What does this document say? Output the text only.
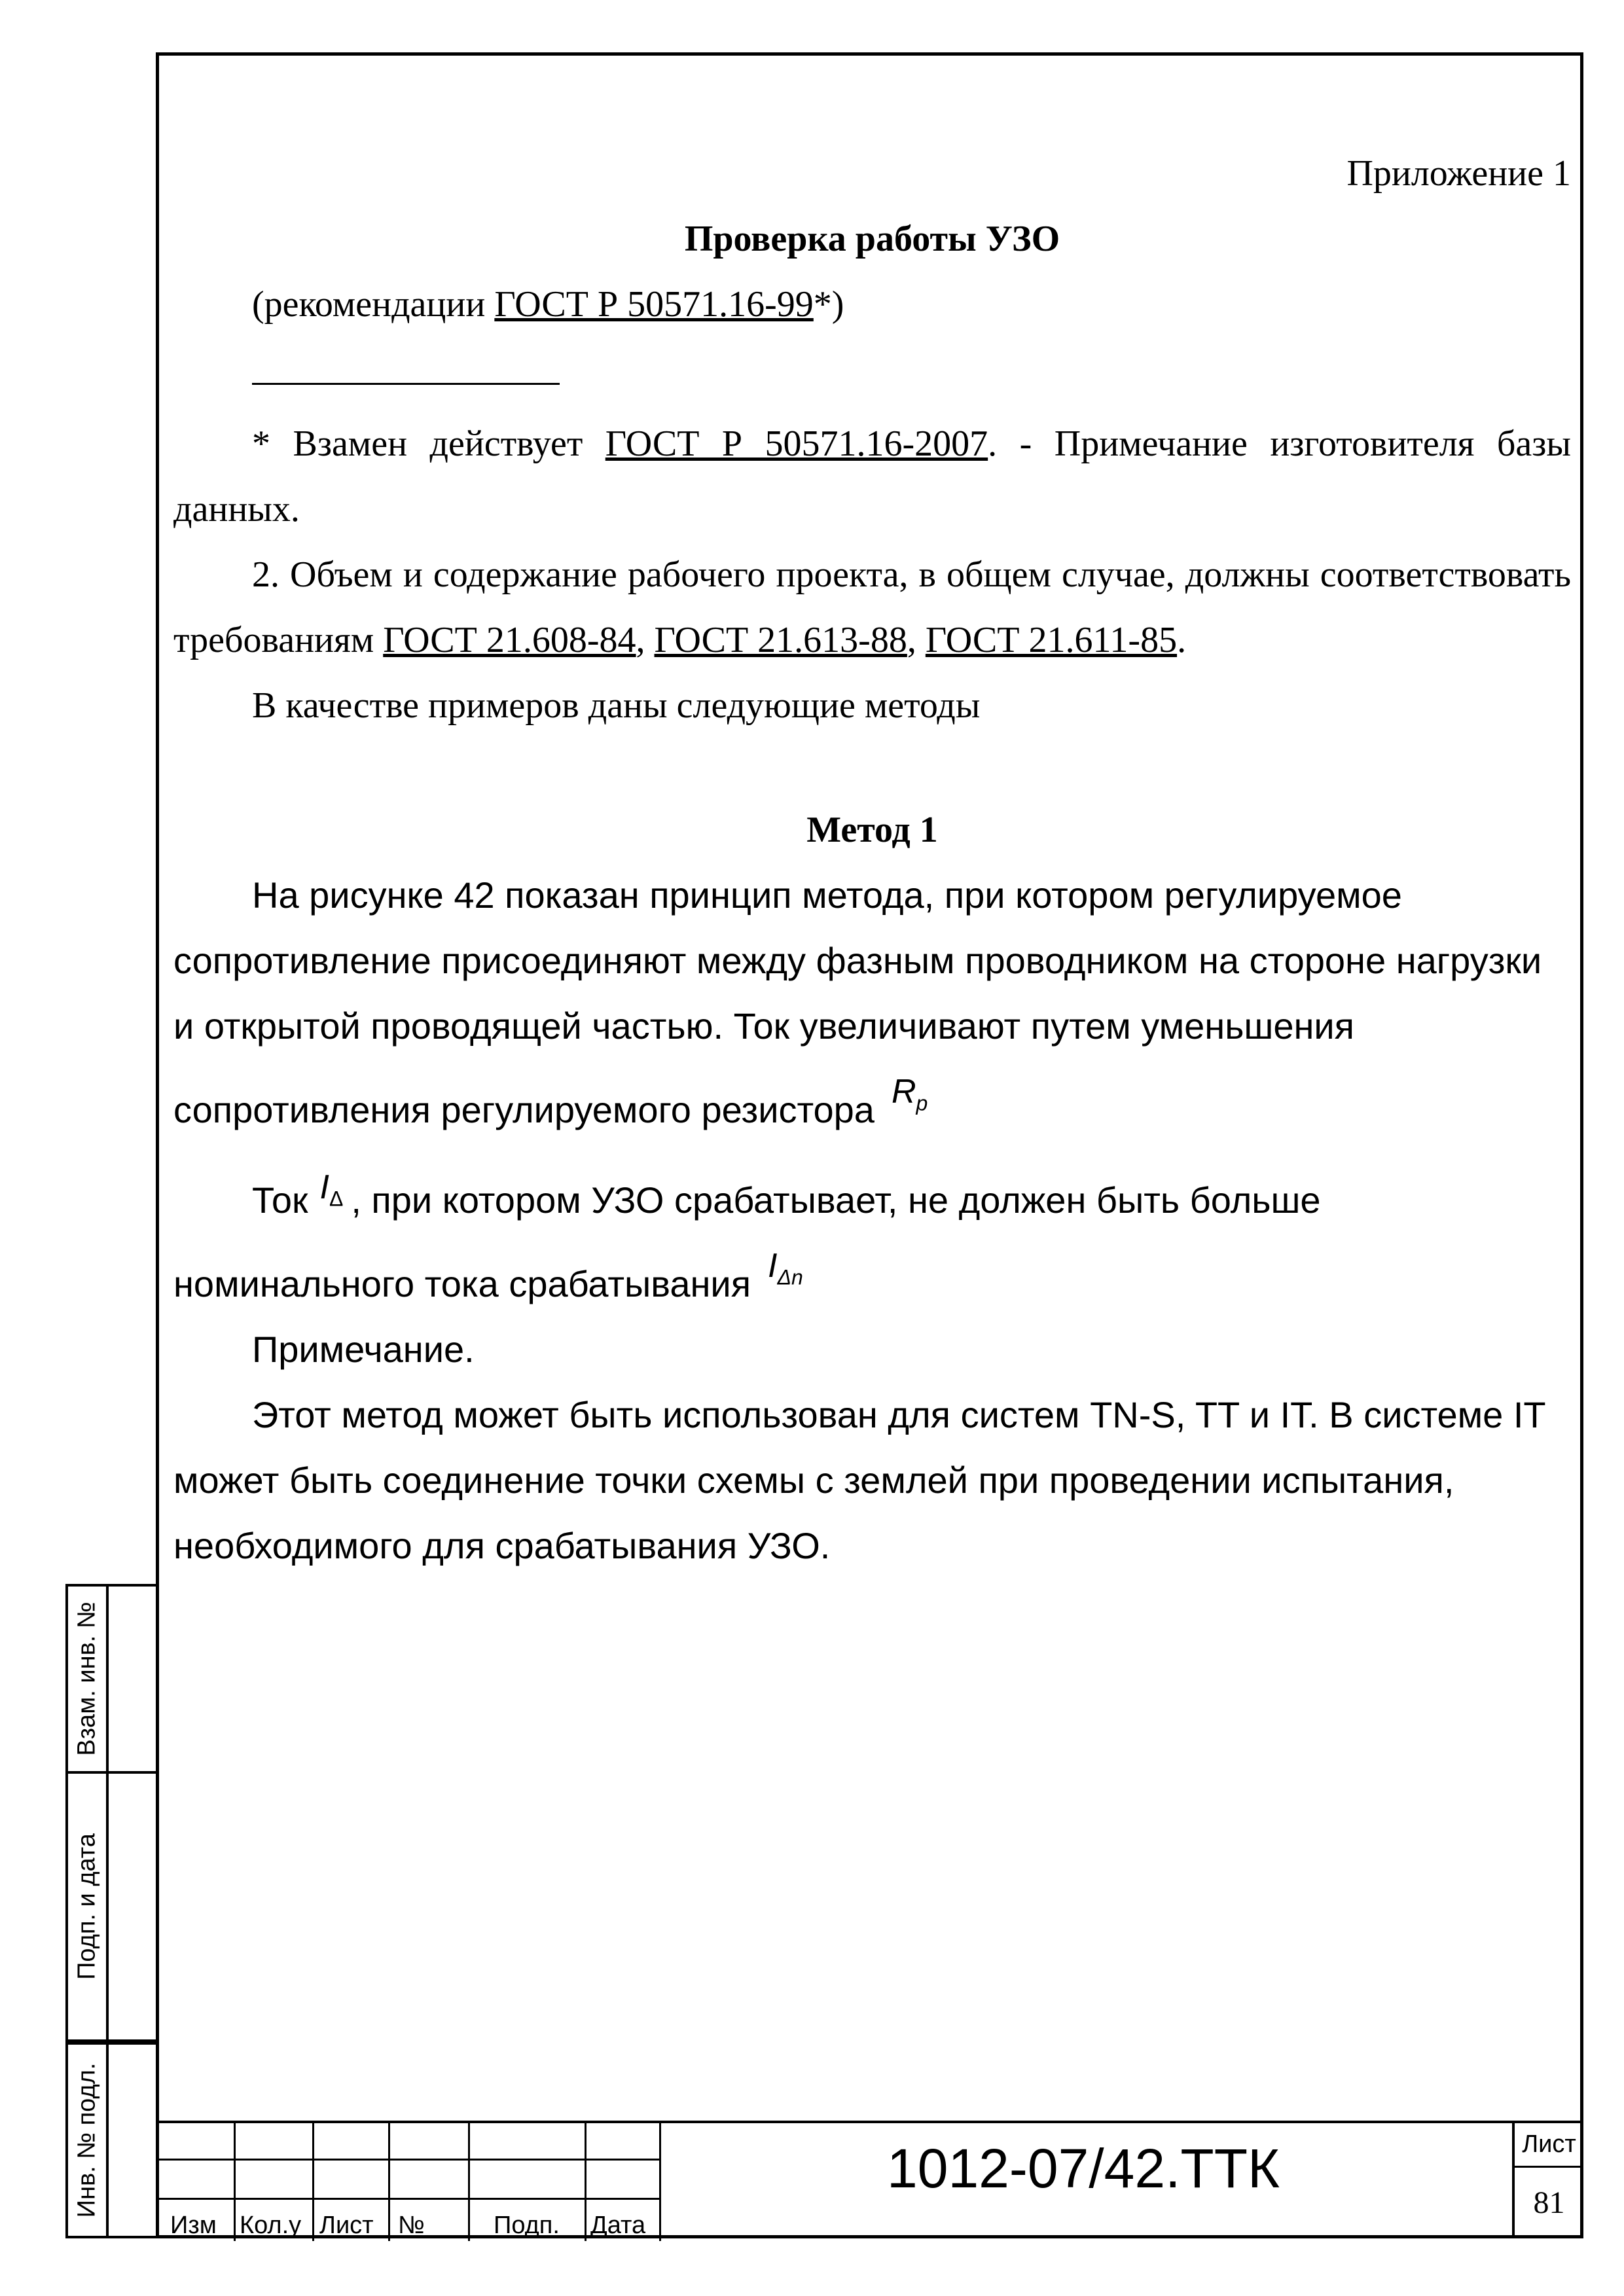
Приложение 1

Проверка работы УЗО

(рекомендации ГОСТ Р 50571.16-99*)

* Взамен действует ГОСТ Р 50571.16-2007. - Примечание изготовителя базы данных.

2. Объем и содержание рабочего проекта, в общем случае, должны соответствовать требованиям ГОСТ 21.608-84, ГОСТ 21.613-88, ГОСТ 21.611-85.

В качестве примеров даны следующие методы

Метод 1

На рисунке 42 показан принцип метода, при котором регулируемое сопротивление присоединяют между фазным проводником на стороне нагрузки и открытой проводящей частью. Ток увеличивают путем уменьшения сопротивления регулируемого резистора $R_p$

Ток $I_\Delta$ , при котором УЗО срабатывает, не должен быть больше номинального тока срабатывания $I_{\Delta n}$

Примечание.

Этот метод может быть использован для систем TN-S, TT и IT. В системе IT может быть соединение точки схемы с землей при проведении испытания, необходимого для срабатывания УЗО.

Взам. инв. №
Подп. и дата
Инв. № подл.
Изм Кол.у Лист №	Подп. Дата
1012-07/42.ТТК	Лист
81
